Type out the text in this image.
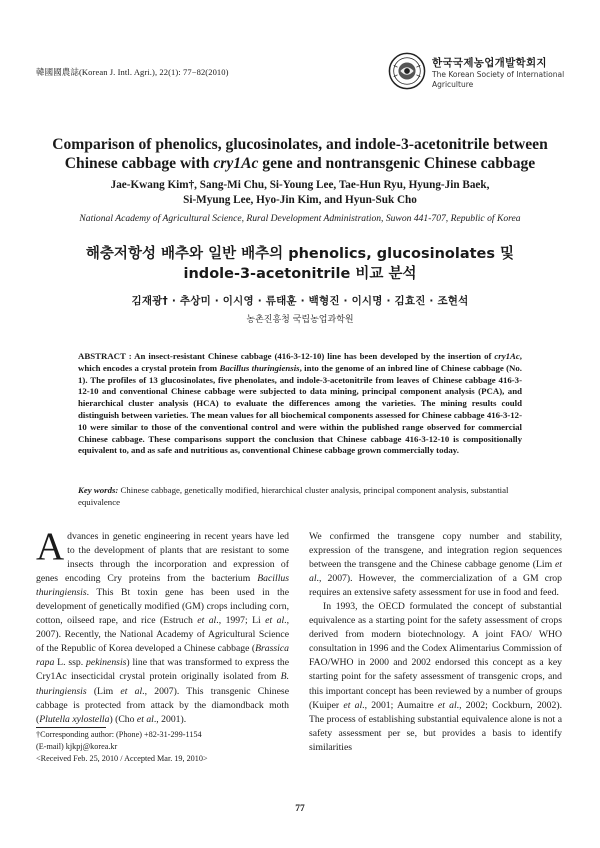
韓國國農誌(Korean J. Intl. Agri.), 22(1): 77−82(2010)
한국국제농업개발학회지
The Korean Society of International
Agriculture
Comparison of phenolics, glucosinolates, and indole-3-acetonitrile between
Chinese cabbage with cry1Ac gene and nontransgenic Chinese cabbage
Jae-Kwang Kim†, Sang-Mi Chu, Si-Young Lee, Tae-Hun Ryu, Hyung-Jin Baek,
Si-Myung Lee, Hyo-Jin Kim, and Hyun-Suk Cho
National Academy of Agricultural Science, Rural Development Administration, Suwon 441-707, Republic of Korea
해충저항성 배추와 일반 배추의 phenolics, glucosinolates 및
indole-3-acetonitrile 비교 분석
김재광† · 추상미 · 이시영 · 류태훈 · 백형진 · 이시명 · 김효진 · 조현석
농촌진흥청 국립농업과학원
ABSTRACT : An insect-resistant Chinese cabbage (416-3-12-10) line has been developed by the insertion of cry1Ac, which encodes a crystal protein from Bacillus thuringiensis, into the genome of an inbred line of Chinese cabbage (No. 1). The profiles of 13 glucosinolates, five phenolates, and indole-3-acetonitrile from leaves of Chinese cabbage 416-3-12-10 and conventional Chinese cabbage were subjected to data mining, principal component analysis (PCA), and hierarchical cluster analysis (HCA) to evaluate the differences among the varieties. The mining results could distinguish between varieties. The mean values for all biochemical components assessed for Chinese cabbage 416-3-12-10 were similar to those of the conventional control and were within the published range observed for commercial Chinese cabbage. These comparisons support the conclusion that Chinese cabbage 416-3-12-10 is compositionally equivalent to, and as safe and nutritious as, conventional Chinese cabbage grown commercially today.
Key words: Chinese cabbage, genetically modified, hierarchical cluster analysis, principal component analysis, substantial equivalence

Advances in genetic engineering in recent years have led to the development of plants that are resistant to some insects through the incorporation and expression of genes encoding Cry proteins from the bacterium Bacillus thuringiensis. This Bt toxin gene has been used in the development of genetically modified (GM) crops including corn, cotton, oilseed rape, and rice (Estruch et al., 1997; Li et al., 2007). Recently, the National Academy of Agricultural Science of the Republic of Korea developed a Chinese cabbage (Brassica rapa L. ssp. pekinensis) line that was transformed to express the Cry1Ac insecticidal crystal protein originally isolated from B. thuringiensis (Lim et al., 2007). This transgenic Chinese cabbage is protected from attack by the diamondback moth (Plutella xylostella) (Cho et al., 2001).

†Corresponding author: (Phone) +82-31-299-1154
(E-mail) kjkpj@korea.kr
<Received Feb. 25, 2010 / Accepted Mar. 19, 2010>

We confirmed the transgene copy number and stability, expression of the transgene, and integration region sequences between the transgene and the Chinese cabbage genome (Lim et al., 2007). However, the commercialization of a GM crop requires an extensive safety assessment for use in food and feed.

In 1993, the OECD formulated the concept of substantial equivalence as a starting point for the safety assessment of crops derived from modern biotechnology. A joint FAO/ WHO consultation in 1996 and the Codex Alimentarius Commission of FAO/WHO in 2000 and 2002 endorsed this concept as a key starting point for the safety assessment of transgenic crops, and this important concept has been reviewed by a number of groups (Kuiper et al., 2001; Aumaitre et al., 2002; Cockburn, 2002). The process of establishing substantial equivalence alone is not a safety assessment per se, but provides a basis to identify similarities

77
